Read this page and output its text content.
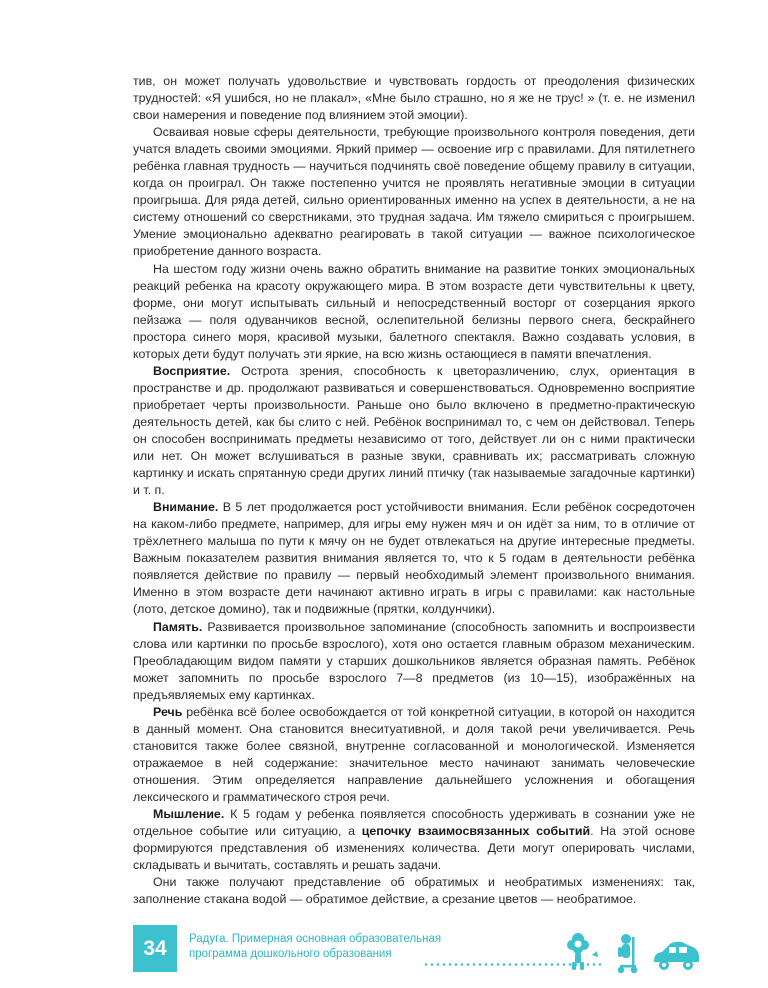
тив, он может получать удовольствие и чувствовать гордость от преодоления физических трудностей: «Я ушибся, но не плакал», «Мне было страшно, но я же не трус! » (т. е. не изменил свои намерения и поведение под влиянием этой эмоции).

Осваивая новые сферы деятельности, требующие произвольного контроля поведения, дети учатся владеть своими эмоциями. Яркий пример — освоение игр с правилами. Для пятилетнего ребёнка главная трудность — научиться подчинять своё поведение общему правилу в ситуации, когда он проиграл. Он также постепенно учится не проявлять негативные эмоции в ситуации проигрыша. Для ряда детей, сильно ориентированных именно на успех в деятельности, а не на систему отношений со сверстниками, это трудная задача. Им тяжело смириться с проигрышем. Умение эмоционально адекватно реагировать в такой ситуации — важное психологическое приобретение данного возраста.

На шестом году жизни очень важно обратить внимание на развитие тонких эмоциональных реакций ребенка на красоту окружающего мира. В этом возрасте дети чувствительны к цвету, форме, они могут испытывать сильный и непосредственный восторг от созерцания яркого пейзажа — поля одуванчиков весной, ослепительной белизны первого снега, бескрайнего простора синего моря, красивой музыки, балетного спектакля. Важно создавать условия, в которых дети будут получать эти яркие, на всю жизнь остающиеся в памяти впечатления.

Восприятие. Острота зрения, способность к цветоразличению, слух, ориентация в пространстве и др. продолжают развиваться и совершенствоваться. Одновременно восприятие приобретает черты произвольности. Раньше оно было включено в предметно-практическую деятельность детей, как бы слито с ней. Ребёнок воспринимал то, с чем он действовал. Теперь он способен воспринимать предметы независимо от того, действует ли он с ними практически или нет. Он может вслушиваться в разные звуки, сравнивать их; рассматривать сложную картинку и искать спрятанную среди других линий птичку (так называемые загадочные картинки) и т. п.

Внимание. В 5 лет продолжается рост устойчивости внимания. Если ребёнок сосредоточен на каком-либо предмете, например, для игры ему нужен мяч и он идёт за ним, то в отличие от трёхлетнего малыша по пути к мячу он не будет отвлекаться на другие интересные предметы. Важным показателем развития внимания является то, что к 5 годам в деятельности ребёнка появляется действие по правилу — первый необходимый элемент произвольного внимания. Именно в этом возрасте дети начинают активно играть в игры с правилами: как настольные (лото, детское домино), так и подвижные (прятки, колдунчики).

Память. Развивается произвольное запоминание (способность запомнить и воспроизвести слова или картинки по просьбе взрослого), хотя оно остается главным образом механическим. Преобладающим видом памяти у старших дошкольников является образная память. Ребёнок может запомнить по просьбе взрослого 7—8 предметов (из 10—15), изображённых на предъявляемых ему картинках.

Речь ребёнка всё более освобождается от той конкретной ситуации, в которой он находится в данный момент. Она становится внеситуативной, и доля такой речи увеличивается. Речь становится также более связной, внутренне согласованной и монологической. Изменяется отражаемое в ней содержание: значительное место начинают занимать человеческие отношения. Этим определяется направление дальнейшего усложнения и обогащения лексического и грамматического строя речи.

Мышление. К 5 годам у ребенка появляется способность удерживать в сознании уже не отдельное событие или ситуацию, а цепочку взаимосвязанных событий. На этой основе формируются представления об изменениях количества. Дети могут оперировать числами, складывать и вычитать, составлять и решать задачи.

Они также получают представление об обратимых и необратимых изменениях: так, заполнение стакана водой — обратимое действие, а срезание цветов — необратимое.

34	Радуга. Примерная основная образовательная
программа дошкольного образования
